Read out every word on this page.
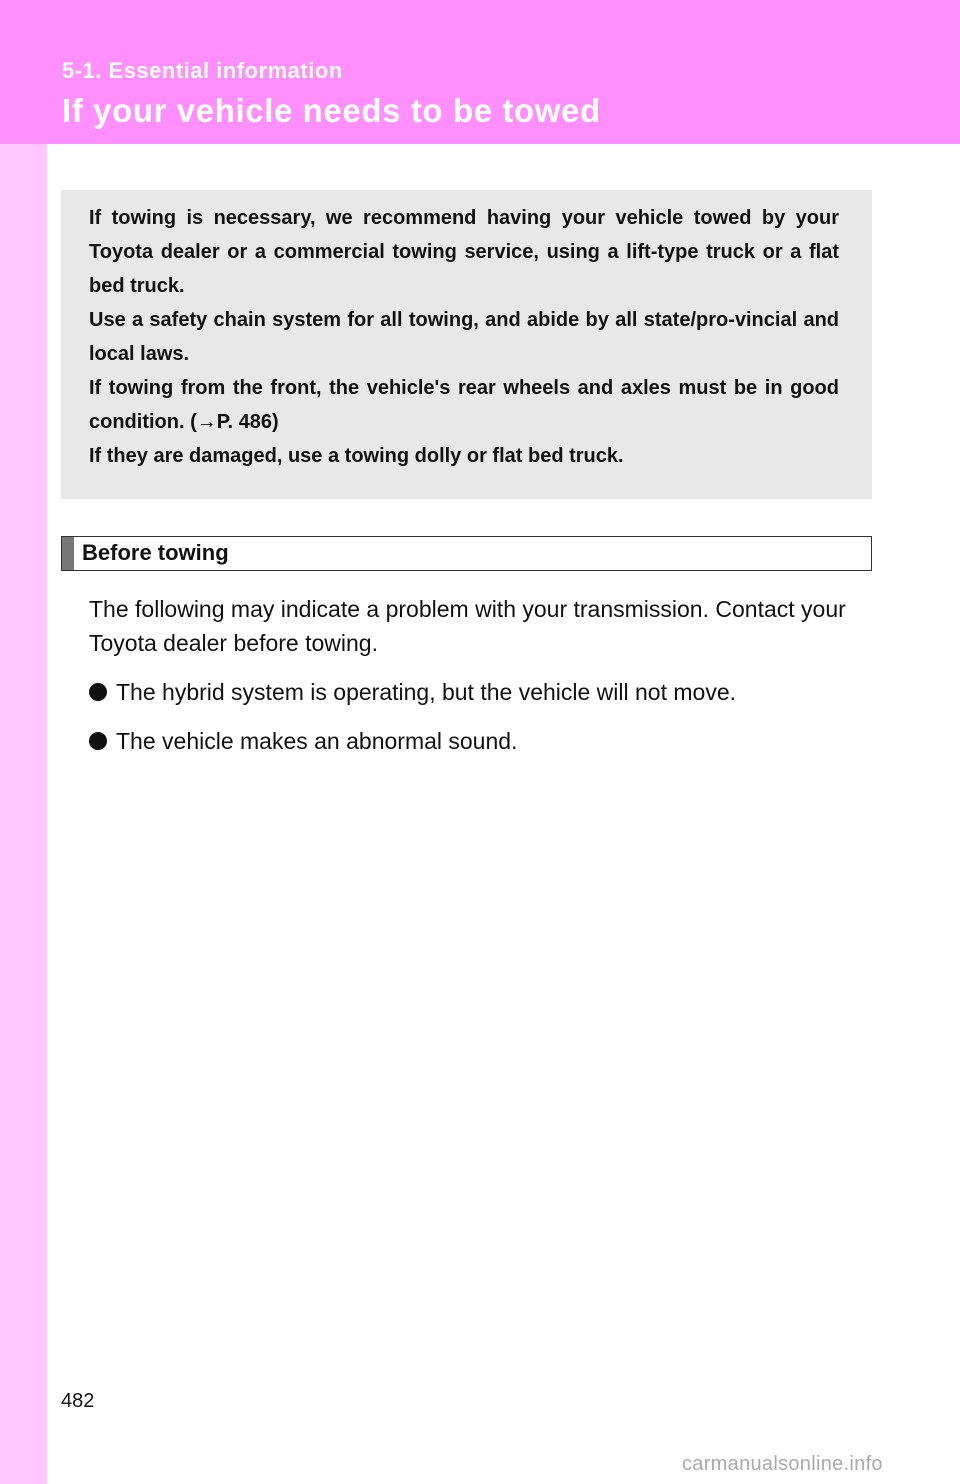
5-1. Essential information
If your vehicle needs to be towed

If towing is necessary, we recommend having your vehicle towed by your Toyota dealer or a commercial towing service, using a lift-type truck or a flat bed truck.

Use a safety chain system for all towing, and abide by all state/pro-vincial and local laws.

If towing from the front, the vehicle's rear wheels and axles must be in good condition. (→P. 486)

If they are damaged, use a towing dolly or flat bed truck.

Before towing
The following may indicate a problem with your transmission. Contact your Toyota dealer before towing.
The hybrid system is operating, but the vehicle will not move.
The vehicle makes an abnormal sound.
482
carmanualsonline.info
